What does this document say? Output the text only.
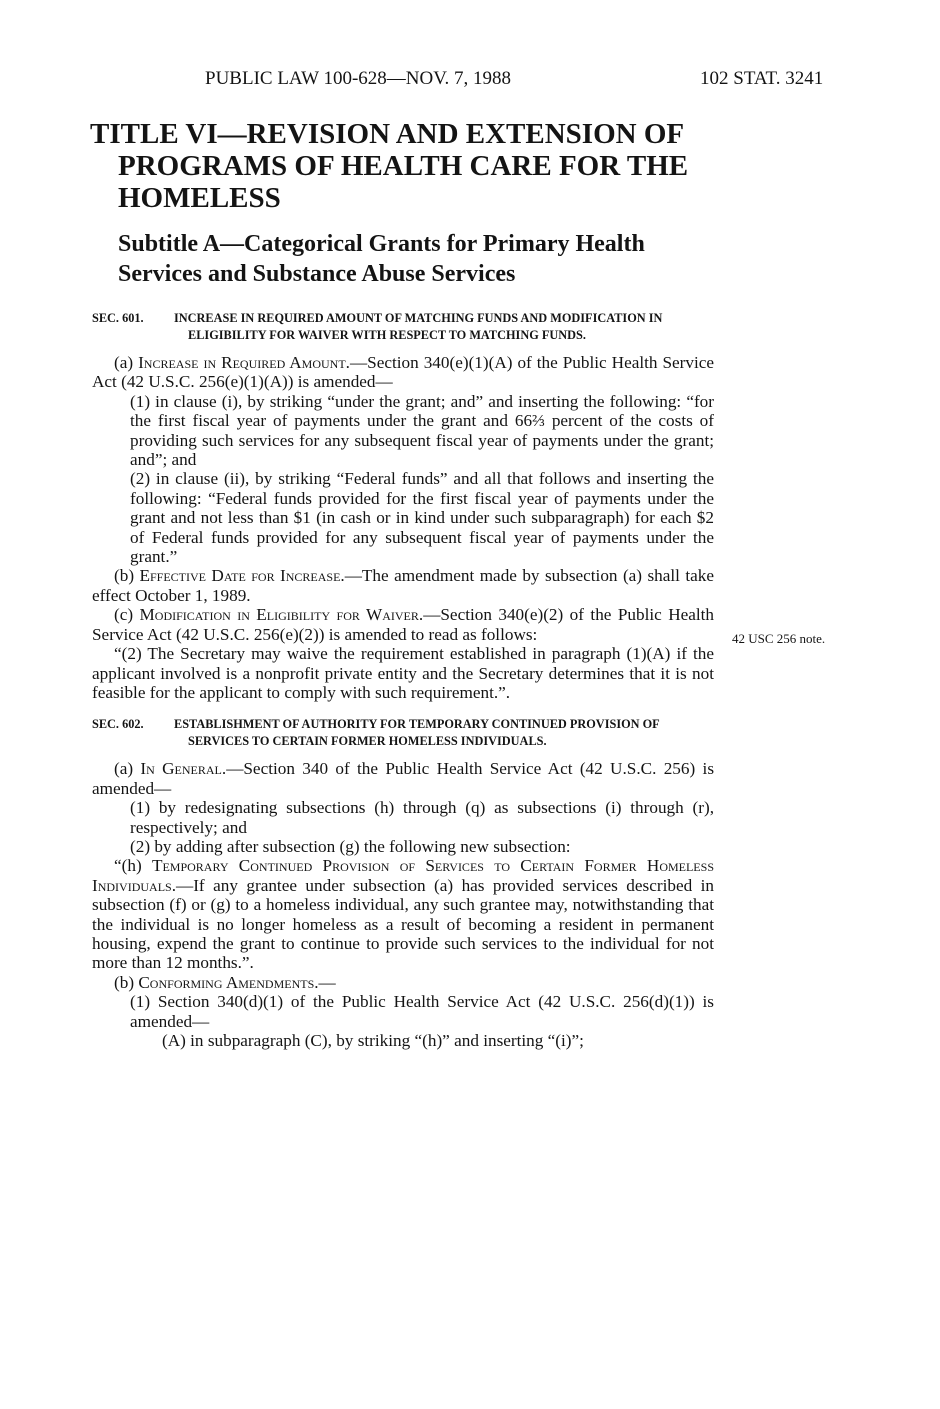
PUBLIC LAW 100-628—NOV. 7, 1988	102 STAT. 3241
TITLE VI—REVISION AND EXTENSION OF PROGRAMS OF HEALTH CARE FOR THE HOMELESS
Subtitle A—Categorical Grants for Primary Health Services and Substance Abuse Services
42 USC 256 note.
SEC. 601. INCREASE IN REQUIRED AMOUNT OF MATCHING FUNDS AND MODIFICATION IN ELIGIBILITY FOR WAIVER WITH RESPECT TO MATCHING FUNDS.

(a) Increase in Required Amount.—Section 340(e)(1)(A) of the Public Health Service Act (42 U.S.C. 256(e)(1)(A)) is amended—

(1) in clause (i), by striking “under the grant; and” and inserting the following: “for the first fiscal year of payments under the grant and 66⅔ percent of the costs of providing such services for any subsequent fiscal year of payments under the grant; and”; and

(2) in clause (ii), by striking “Federal funds” and all that follows and inserting the following: “Federal funds provided for the first fiscal year of payments under the grant and not less than $1 (in cash or in kind under such subparagraph) for each $2 of Federal funds provided for any subsequent fiscal year of payments under the grant.”

(b) Effective Date for Increase.—The amendment made by subsection (a) shall take effect October 1, 1989.

(c) Modification in Eligibility for Waiver.—Section 340(e)(2) of the Public Health Service Act (42 U.S.C. 256(e)(2)) is amended to read as follows:

“(2) The Secretary may waive the requirement established in paragraph (1)(A) if the applicant involved is a nonprofit private entity and the Secretary determines that it is not feasible for the applicant to comply with such requirement.”.

SEC. 602. ESTABLISHMENT OF AUTHORITY FOR TEMPORARY CONTINUED PROVISION OF SERVICES TO CERTAIN FORMER HOMELESS INDIVIDUALS.

(a) In General.—Section 340 of the Public Health Service Act (42 U.S.C. 256) is amended—

(1) by redesignating subsections (h) through (q) as subsections (i) through (r), respectively; and

(2) by adding after subsection (g) the following new subsection:

“(h) Temporary Continued Provision of Services to Certain Former Homeless Individuals.—If any grantee under subsection (a) has provided services described in subsection (f) or (g) to a homeless individual, any such grantee may, notwithstanding that the individual is no longer homeless as a result of becoming a resident in permanent housing, expend the grant to continue to provide such services to the individual for not more than 12 months.”.

(b) Conforming Amendments.—

(1) Section 340(d)(1) of the Public Health Service Act (42 U.S.C. 256(d)(1)) is amended—

(A) in subparagraph (C), by striking “(h)” and inserting “(i)”;
